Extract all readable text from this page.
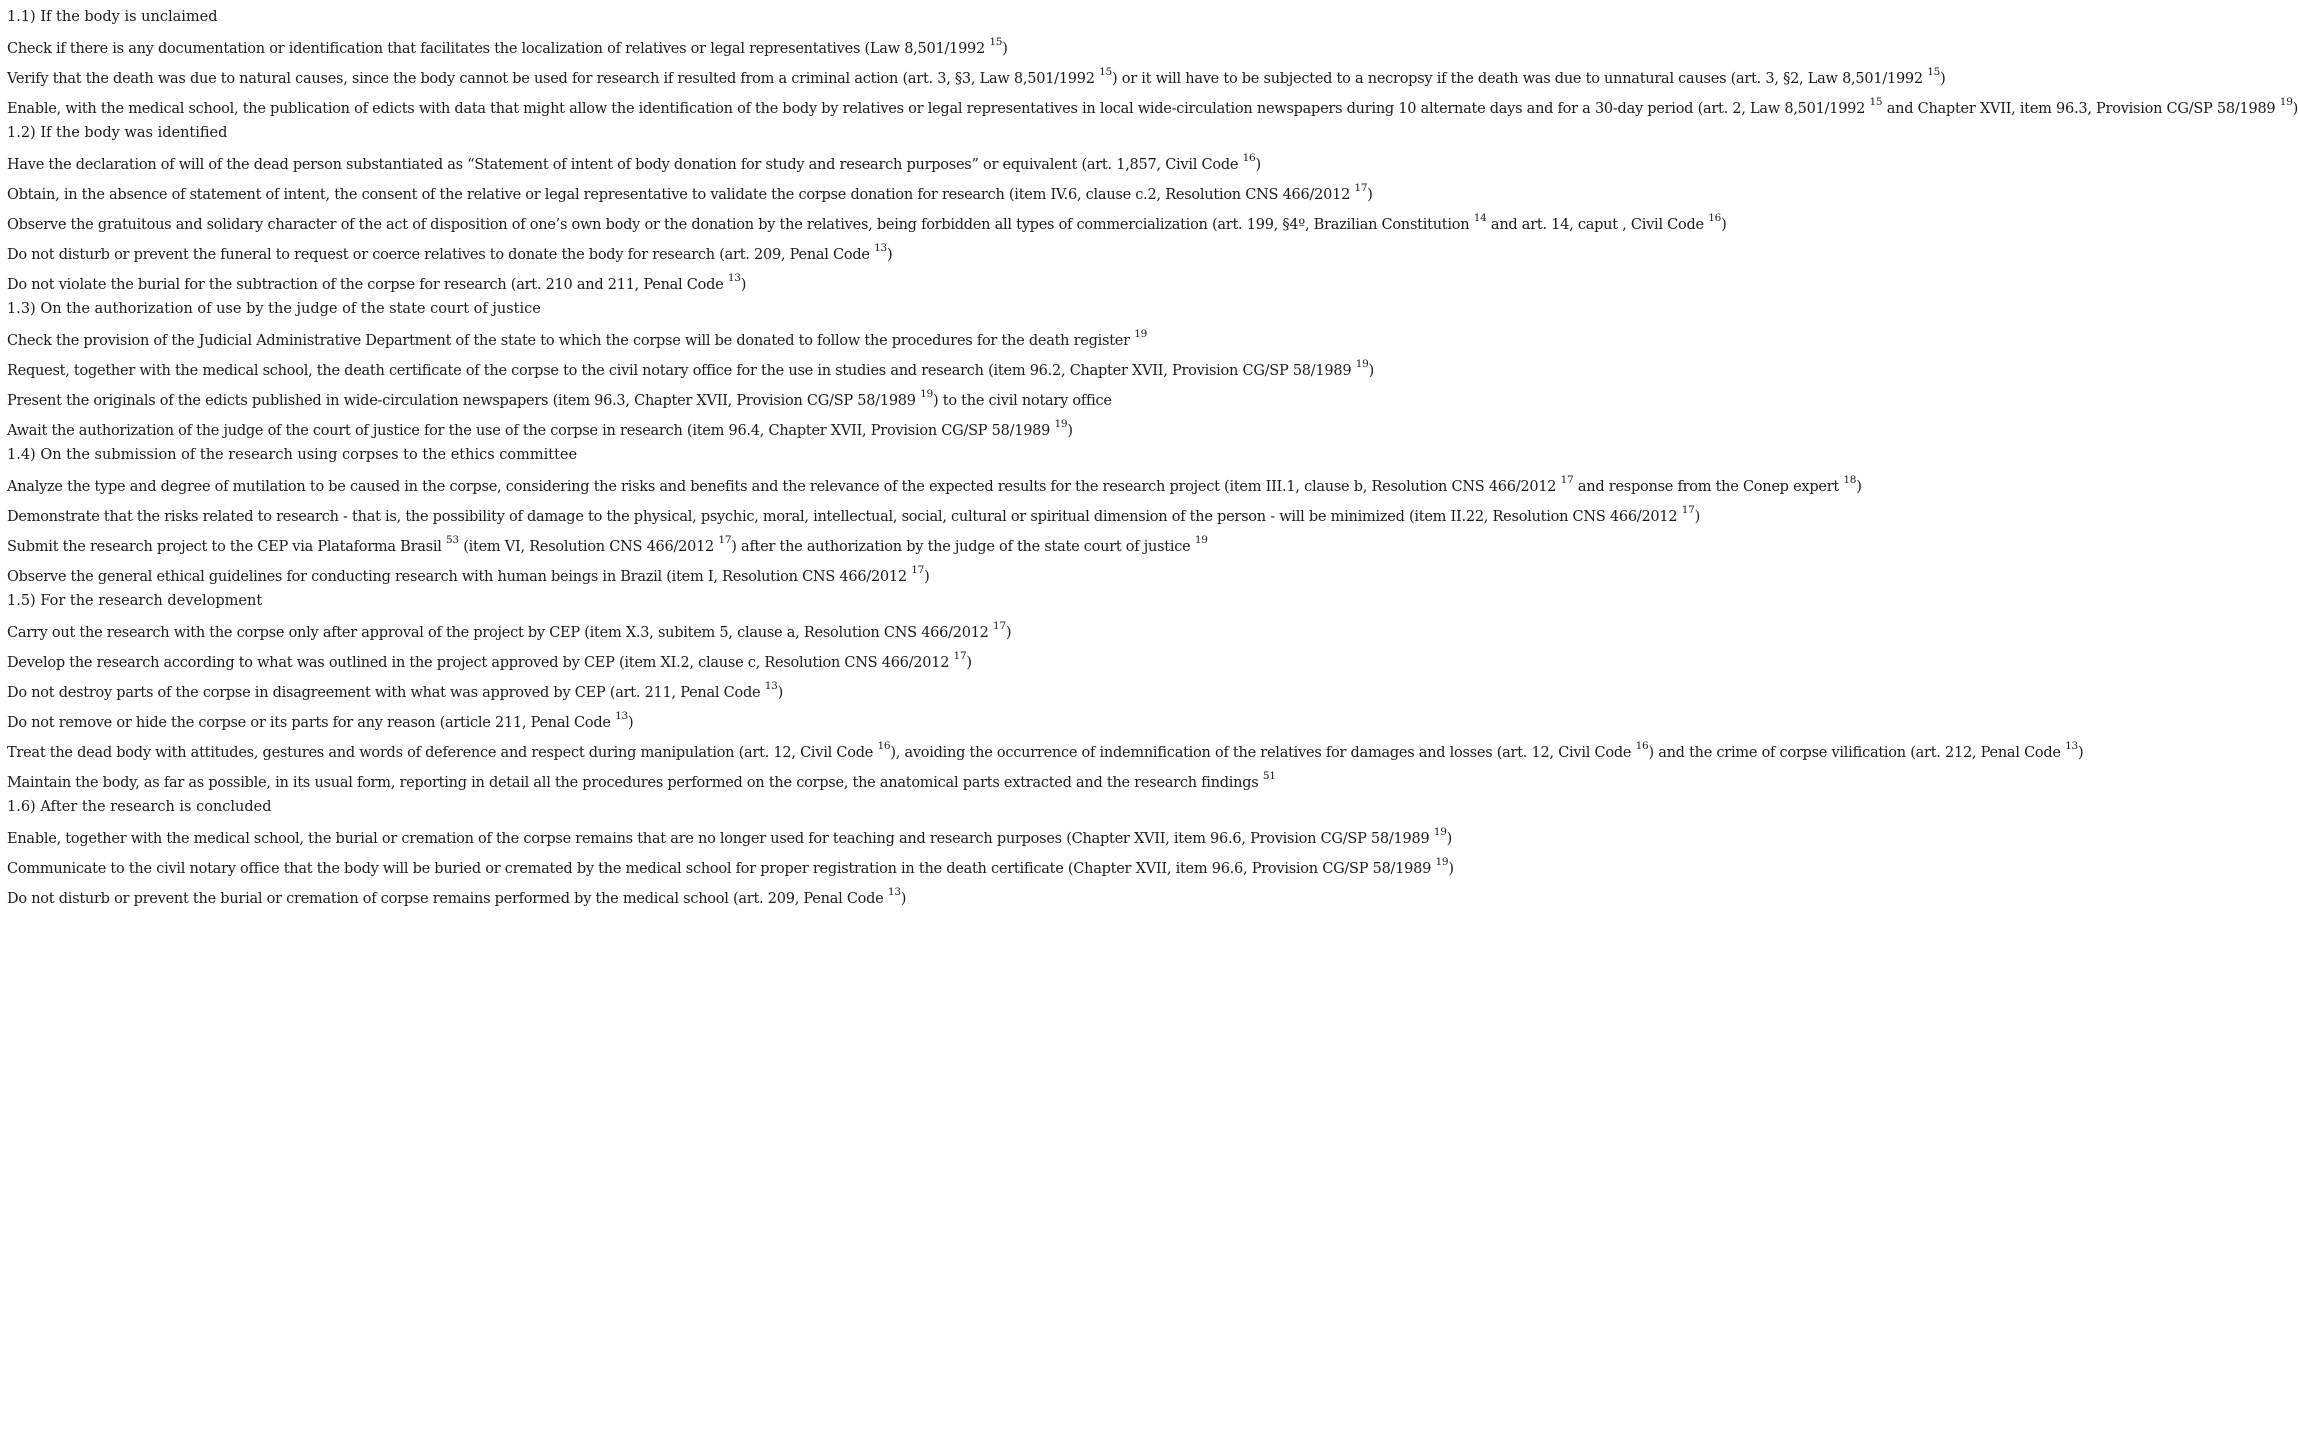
1.1) If the body is unclaimed
Check if there is any documentation or identification that facilitates the localization of relatives or legal representatives (Law 8,501/1992 $^{15}$)
Verify that the death was due to natural causes, since the body cannot be used for research if resulted from a criminal action (art. 3, §3, Law 8,501/1992 $^{15}$) or it will have to be subjected to a necropsy if the death was due to unnatural causes (art. 3, §2, Law 8,501/1992 $^{15}$)
Enable, with the medical school, the publication of edicts with data that might allow the identification of the body by relatives or legal representatives in local wide-circulation newspapers during 10 alternate days and for a 30-day period (art. 2, Law 8,501/1992 $^{15}$ and Chapter XVII, item 96.3, Provision CG/SP 58/1989 $^{19}$)
1.2) If the body was identified
Have the declaration of will of the dead person substantiated as “Statement of intent of body donation for study and research purposes” or equivalent (art. 1,857, Civil Code $^{16}$)
Obtain, in the absence of statement of intent, the consent of the relative or legal representative to validate the corpse donation for research (item IV.6, clause c.2, Resolution CNS 466/2012 $^{17}$)
Observe the gratuitous and solidary character of the act of disposition of one’s own body or the donation by the relatives, being forbidden all types of commercialization (art. 199, §4º, Brazilian Constitution $^{14}$ and art. 14, caput , Civil Code $^{16}$)
Do not disturb or prevent the funeral to request or coerce relatives to donate the body for research (art. 209, Penal Code $^{13}$)
Do not violate the burial for the subtraction of the corpse for research (art. 210 and 211, Penal Code $^{13}$)
1.3) On the authorization of use by the judge of the state court of justice
Check the provision of the Judicial Administrative Department of the state to which the corpse will be donated to follow the procedures for the death register $^{19}$
Request, together with the medical school, the death certificate of the corpse to the civil notary office for the use in studies and research (item 96.2, Chapter XVII, Provision CG/SP 58/1989 $^{19}$)
Present the originals of the edicts published in wide-circulation newspapers (item 96.3, Chapter XVII, Provision CG/SP 58/1989 $^{19}$) to the civil notary office
Await the authorization of the judge of the court of justice for the use of the corpse in research (item 96.4, Chapter XVII, Provision CG/SP 58/1989 $^{19}$)
1.4) On the submission of the research using corpses to the ethics committee
Analyze the type and degree of mutilation to be caused in the corpse, considering the risks and benefits and the relevance of the expected results for the research project (item III.1, clause b, Resolution CNS 466/2012 $^{17}$ and response from the Conep expert $^{18}$)
Demonstrate that the risks related to research - that is, the possibility of damage to the physical, psychic, moral, intellectual, social, cultural or spiritual dimension of the person - will be minimized (item II.22, Resolution CNS 466/2012 $^{17}$)
Submit the research project to the CEP via Plataforma Brasil $^{53}$ (item VI, Resolution CNS 466/2012 $^{17}$) after the authorization by the judge of the state court of justice $^{19}$
Observe the general ethical guidelines for conducting research with human beings in Brazil (item I, Resolution CNS 466/2012 $^{17}$)
1.5) For the research development
Carry out the research with the corpse only after approval of the project by CEP (item X.3, subitem 5, clause a, Resolution CNS 466/2012 $^{17}$)
Develop the research according to what was outlined in the project approved by CEP (item XI.2, clause c, Resolution CNS 466/2012 $^{17}$)
Do not destroy parts of the corpse in disagreement with what was approved by CEP (art. 211, Penal Code $^{13}$)
Do not remove or hide the corpse or its parts for any reason (article 211, Penal Code $^{13}$)
Treat the dead body with attitudes, gestures and words of deference and respect during manipulation (art. 12, Civil Code $^{16}$), avoiding the occurrence of indemnification of the relatives for damages and losses (art. 12, Civil Code $^{16}$) and the crime of corpse vilification (art. 212, Penal Code $^{13}$)
Maintain the body, as far as possible, in its usual form, reporting in detail all the procedures performed on the corpse, the anatomical parts extracted and the research findings $^{51}$
1.6) After the research is concluded
Enable, together with the medical school, the burial or cremation of the corpse remains that are no longer used for teaching and research purposes (Chapter XVII, item 96.6, Provision CG/SP 58/1989 $^{19}$)
Communicate to the civil notary office that the body will be buried or cremated by the medical school for proper registration in the death certificate (Chapter XVII, item 96.6, Provision CG/SP 58/1989 $^{19}$)
Do not disturb or prevent the burial or cremation of corpse remains performed by the medical school (art. 209, Penal Code $^{13}$)
